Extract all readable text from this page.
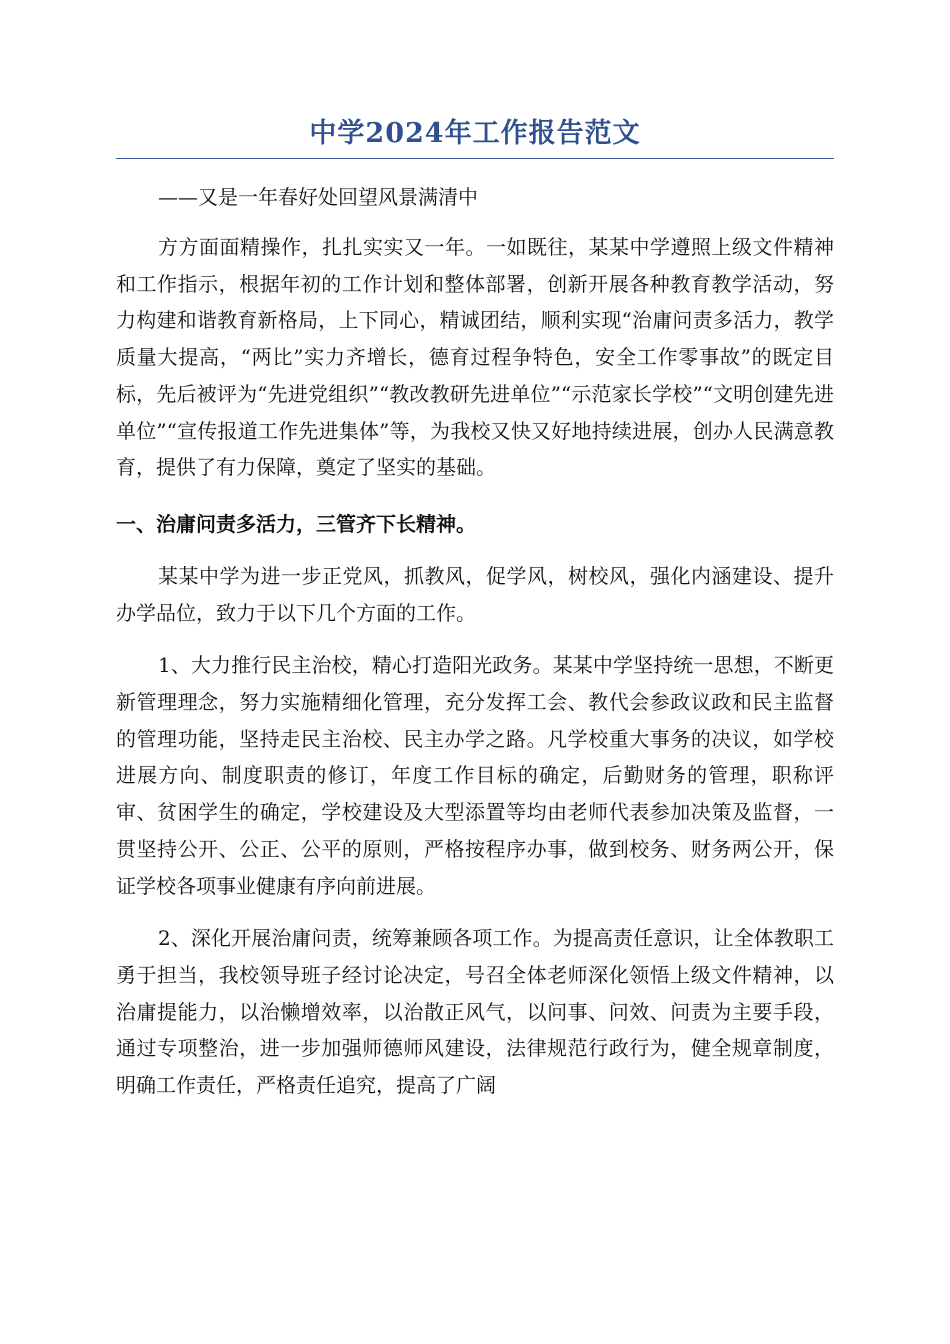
中学2024年工作报告范文

——又是一年春好处回望风景满清中

方方面面精操作，扎扎实实又一年。一如既往，某某中学遵照上级文件精神和工作指示，根据年初的工作计划和整体部署，创新开展各种教育教学活动，努力构建和谐教育新格局，上下同心，精诚团结，顺利实现“治庸问责多活力，教学质量大提高，“两比”实力齐增长，德育过程争特色，安全工作零事故”的既定目标，先后被评为“先进党组织”“教改教研先进单位”“示范家长学校”“文明创建先进单位”“宣传报道工作先进集体”等，为我校又快又好地持续进展，创办人民满意教育，提供了有力保障，奠定了坚实的基础。

一、治庸问责多活力，三管齐下长精神。

某某中学为进一步正党风，抓教风，促学风，树校风，强化内涵建设、提升办学品位，致力于以下几个方面的工作。

1、大力推行民主治校，精心打造阳光政务。某某中学坚持统一思想，不断更新管理理念，努力实施精细化管理，充分发挥工会、教代会参政议政和民主监督的管理功能，坚持走民主治校、民主办学之路。凡学校重大事务的决议，如学校进展方向、制度职责的修订，年度工作目标的确定，后勤财务的管理，职称评审、贫困学生的确定，学校建设及大型添置等均由老师代表参加决策及监督，一贯坚持公开、公正、公平的原则，严格按程序办事，做到校务、财务两公开，保证学校各项事业健康有序向前进展。

2、深化开展治庸问责，统筹兼顾各项工作。为提高责任意识，让全体教职工勇于担当，我校领导班子经讨论决定，号召全体老师深化领悟上级文件精神，以治庸提能力，以治懒增效率，以治散正风气，以问事、问效、问责为主要手段，通过专项整治，进一步加强师德师风建设，法律规范行政行为，健全规章制度，明确工作责任，严格责任追究，提高了广阔
